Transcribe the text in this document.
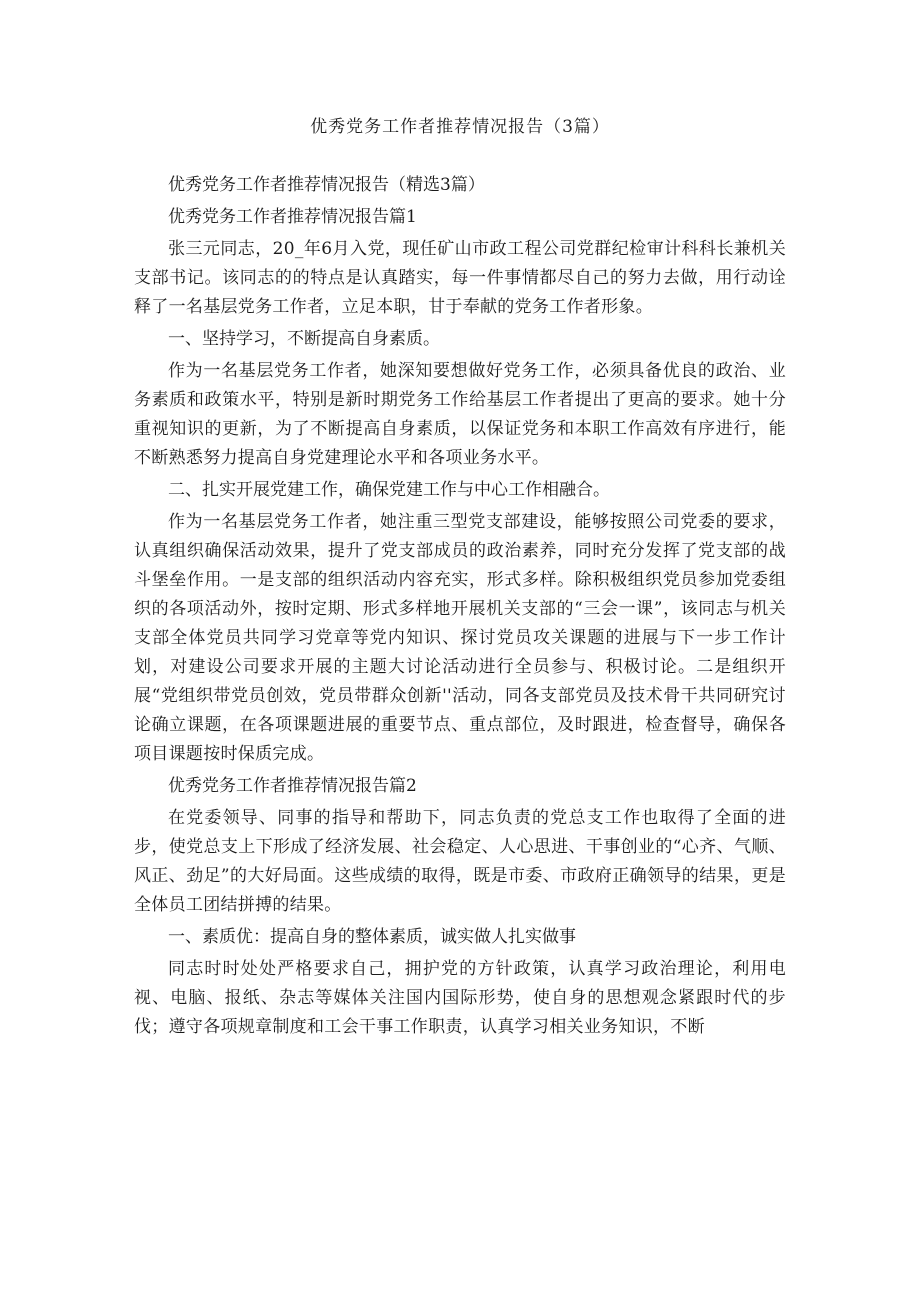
优秀党务工作者推荐情况报告（3篇）

优秀党务工作者推荐情况报告（精选3篇）

优秀党务工作者推荐情况报告篇1

张三元同志，20_年6月入党，现任矿山市政工程公司党群纪检审计科科长兼机关支部书记。该同志的的特点是认真踏实，每一件事情都尽自己的努力去做，用行动诠释了一名基层党务工作者，立足本职，甘于奉献的党务工作者形象。

一、坚持学习，不断提高自身素质。

作为一名基层党务工作者，她深知要想做好党务工作，必须具备优良的政治、业务素质和政策水平，特别是新时期党务工作给基层工作者提出了更高的要求。她十分重视知识的更新，为了不断提高自身素质，以保证党务和本职工作高效有序进行，能不断熟悉努力提高自身党建理论水平和各项业务水平。

二、扎实开展党建工作，确保党建工作与中心工作相融合。

作为一名基层党务工作者，她注重三型党支部建设，能够按照公司党委的要求，认真组织确保活动效果，提升了党支部成员的政治素养，同时充分发挥了党支部的战斗堡垒作用。一是支部的组织活动内容充实，形式多样。除积极组织党员参加党委组织的各项活动外，按时定期、形式多样地开展机关支部的“三会一课”，该同志与机关支部全体党员共同学习党章等党内知识、探讨党员攻关课题的进展与下一步工作计划，对建设公司要求开展的主题大讨论活动进行全员参与、积极讨论。二是组织开展“党组织带党员创效，党员带群众创新''活动，同各支部党员及技术骨干共同研究讨论确立课题，在各项课题进展的重要节点、重点部位，及时跟进，检查督导，确保各项目课题按时保质完成。

优秀党务工作者推荐情况报告篇2

在党委领导、同事的指导和帮助下，同志负责的党总支工作也取得了全面的进步，使党总支上下形成了经济发展、社会稳定、人心思进、干事创业的“心齐、气顺、风正、劲足”的大好局面。这些成绩的取得，既是市委、市政府正确领导的结果，更是全体员工团结拼搏的结果。

一、素质优：提高自身的整体素质，诚实做人扎实做事

同志时时处处严格要求自己，拥护党的方针政策，认真学习政治理论，利用电视、电脑、报纸、杂志等媒体关注国内国际形势，使自身的思想观念紧跟时代的步伐；遵守各项规章制度和工会干事工作职责，认真学习相关业务知识，不断
